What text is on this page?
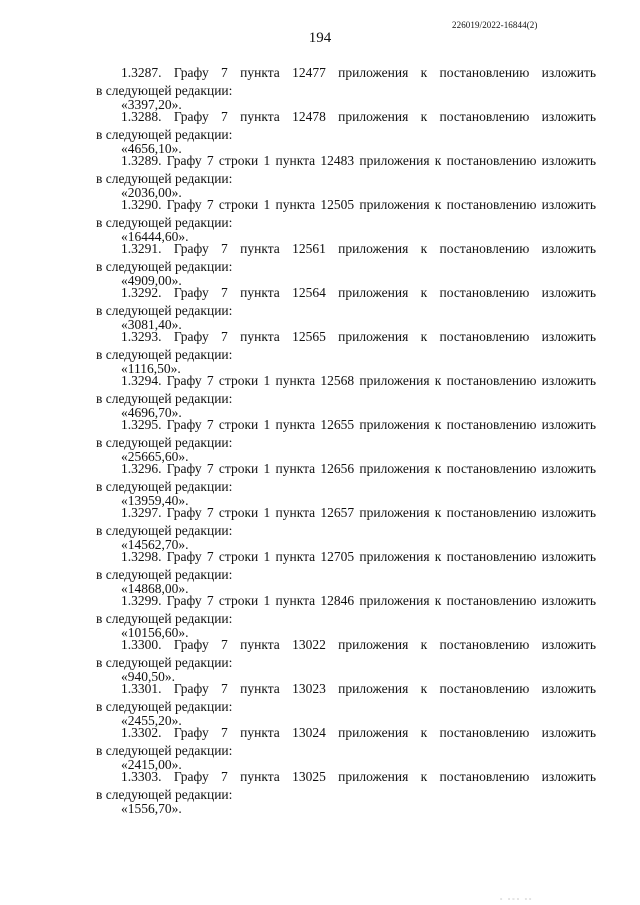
194
226019/2022-16844(2)
1.3287. Графу 7 пункта 12477 приложения к постановлению изложить
в следующей редакции:
«3397,20».
1.3288. Графу 7 пункта 12478 приложения к постановлению изложить
в следующей редакции:
«4656,10».
1.3289. Графу 7 строки 1 пункта 12483 приложения к постановлению изложить
в следующей редакции:
«2036,00».
1.3290. Графу 7 строки 1 пункта 12505 приложения к постановлению изложить
в следующей редакции:
«16444,60».
1.3291. Графу 7 пункта 12561 приложения к постановлению изложить
в следующей редакции:
«4909,00».
1.3292. Графу 7 пункта 12564 приложения к постановлению изложить
в следующей редакции:
«3081,40».
1.3293. Графу 7 пункта 12565 приложения к постановлению изложить
в следующей редакции:
«1116,50».
1.3294. Графу 7 строки 1 пункта 12568 приложения к постановлению изложить
в следующей редакции:
«4696,70».
1.3295. Графу 7 строки 1 пункта 12655 приложения к постановлению изложить
в следующей редакции:
«25665,60».
1.3296. Графу 7 строки 1 пункта 12656 приложения к постановлению изложить
в следующей редакции:
«13959,40».
1.3297. Графу 7 строки 1 пункта 12657 приложения к постановлению изложить
в следующей редакции:
«14562,70».
1.3298. Графу 7 строки 1 пункта 12705 приложения к постановлению изложить
в следующей редакции:
«14868,00».
1.3299. Графу 7 строки 1 пункта 12846 приложения к постановлению изложить
в следующей редакции:
«10156,60».
1.3300. Графу 7 пункта 13022 приложения к постановлению изложить
в следующей редакции:
«940,50».
1.3301. Графу 7 пункта 13023 приложения к постановлению изложить
в следующей редакции:
«2455,20».
1.3302. Графу 7 пункта 13024 приложения к постановлению изложить
в следующей редакции:
«2415,00».
1.3303. Графу 7 пункта 13025 приложения к постановлению изложить
в следующей редакции:
«1556,70».
° °°° °°
